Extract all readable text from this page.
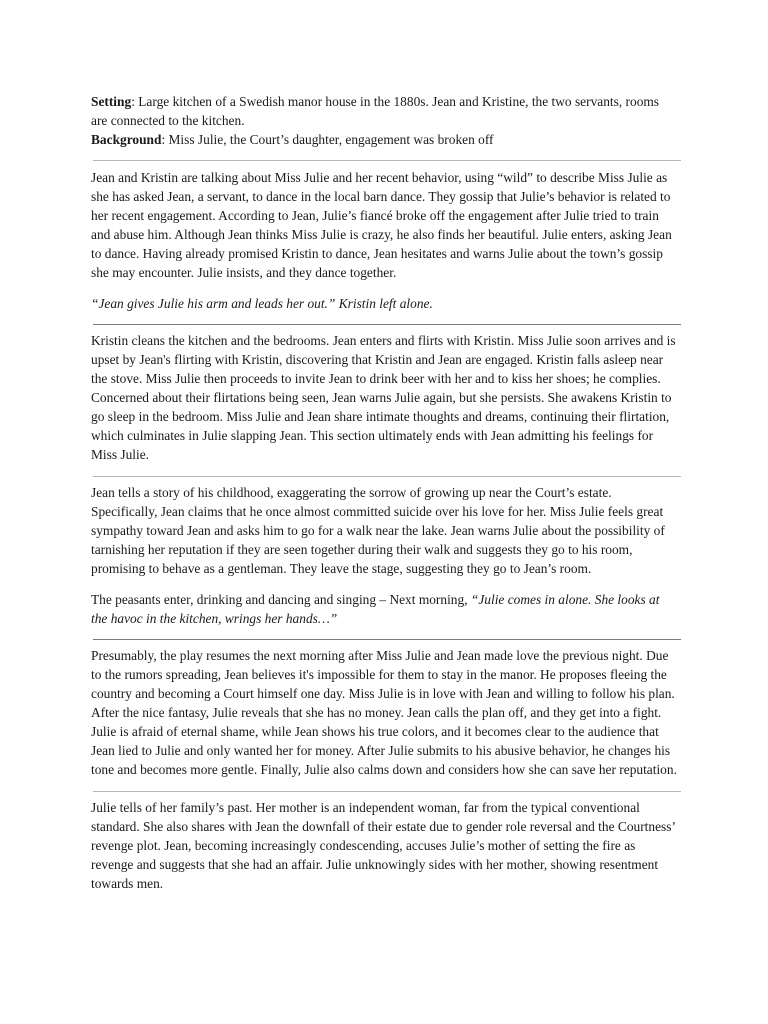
Setting: Large kitchen of a Swedish manor house in the 1880s. Jean and Kristine, the two servants, rooms are connected to the kitchen.

Background: Miss Julie, the Court’s daughter, engagement was broken off

Jean and Kristin are talking about Miss Julie and her recent behavior, using “wild” to describe Miss Julie as she has asked Jean, a servant, to dance in the local barn dance. They gossip that Julie’s behavior is related to her recent engagement. According to Jean, Julie’s fiancé broke off the engagement after Julie tried to train and abuse him. Although Jean thinks Miss Julie is crazy, he also finds her beautiful. Julie enters, asking Jean to dance. Having already promised Kristin to dance, Jean hesitates and warns Julie about the town’s gossip she may encounter. Julie insists, and they dance together.

“Jean gives Julie his arm and leads her out.” Kristin left alone.

Kristin cleans the kitchen and the bedrooms. Jean enters and flirts with Kristin. Miss Julie soon arrives and is upset by Jean's flirting with Kristin, discovering that Kristin and Jean are engaged. Kristin falls asleep near the stove. Miss Julie then proceeds to invite Jean to drink beer with her and to kiss her shoes; he complies. Concerned about their flirtations being seen, Jean warns Julie again, but she persists. She awakens Kristin to go sleep in the bedroom. Miss Julie and Jean share intimate thoughts and dreams, continuing their flirtation, which culminates in Julie slapping Jean. This section ultimately ends with Jean admitting his feelings for Miss Julie.

Jean tells a story of his childhood, exaggerating the sorrow of growing up near the Court’s estate. Specifically, Jean claims that he once almost committed suicide over his love for her. Miss Julie feels great sympathy toward Jean and asks him to go for a walk near the lake. Jean warns Julie about the possibility of tarnishing her reputation if they are seen together during their walk and suggests they go to his room, promising to behave as a gentleman. They leave the stage, suggesting they go to Jean’s room.

The peasants enter, drinking and dancing and singing – Next morning, “Julie comes in alone. She looks at the havoc in the kitchen, wrings her hands…”

Presumably, the play resumes the next morning after Miss Julie and Jean made love the previous night. Due to the rumors spreading, Jean believes it's impossible for them to stay in the manor. He proposes fleeing the country and becoming a Court himself one day. Miss Julie is in love with Jean and willing to follow his plan. After the nice fantasy, Julie reveals that she has no money. Jean calls the plan off, and they get into a fight. Julie is afraid of eternal shame, while Jean shows his true colors, and it becomes clear to the audience that Jean lied to Julie and only wanted her for money. After Julie submits to his abusive behavior, he changes his tone and becomes more gentle. Finally, Julie also calms down and considers how she can save her reputation.

Julie tells of her family’s past. Her mother is an independent woman, far from the typical conventional standard. She also shares with Jean the downfall of their estate due to gender role reversal and the Courtness’ revenge plot. Jean, becoming increasingly condescending, accuses Julie’s mother of setting the fire as revenge and suggests that she had an affair. Julie unknowingly sides with her mother, showing resentment towards men.
